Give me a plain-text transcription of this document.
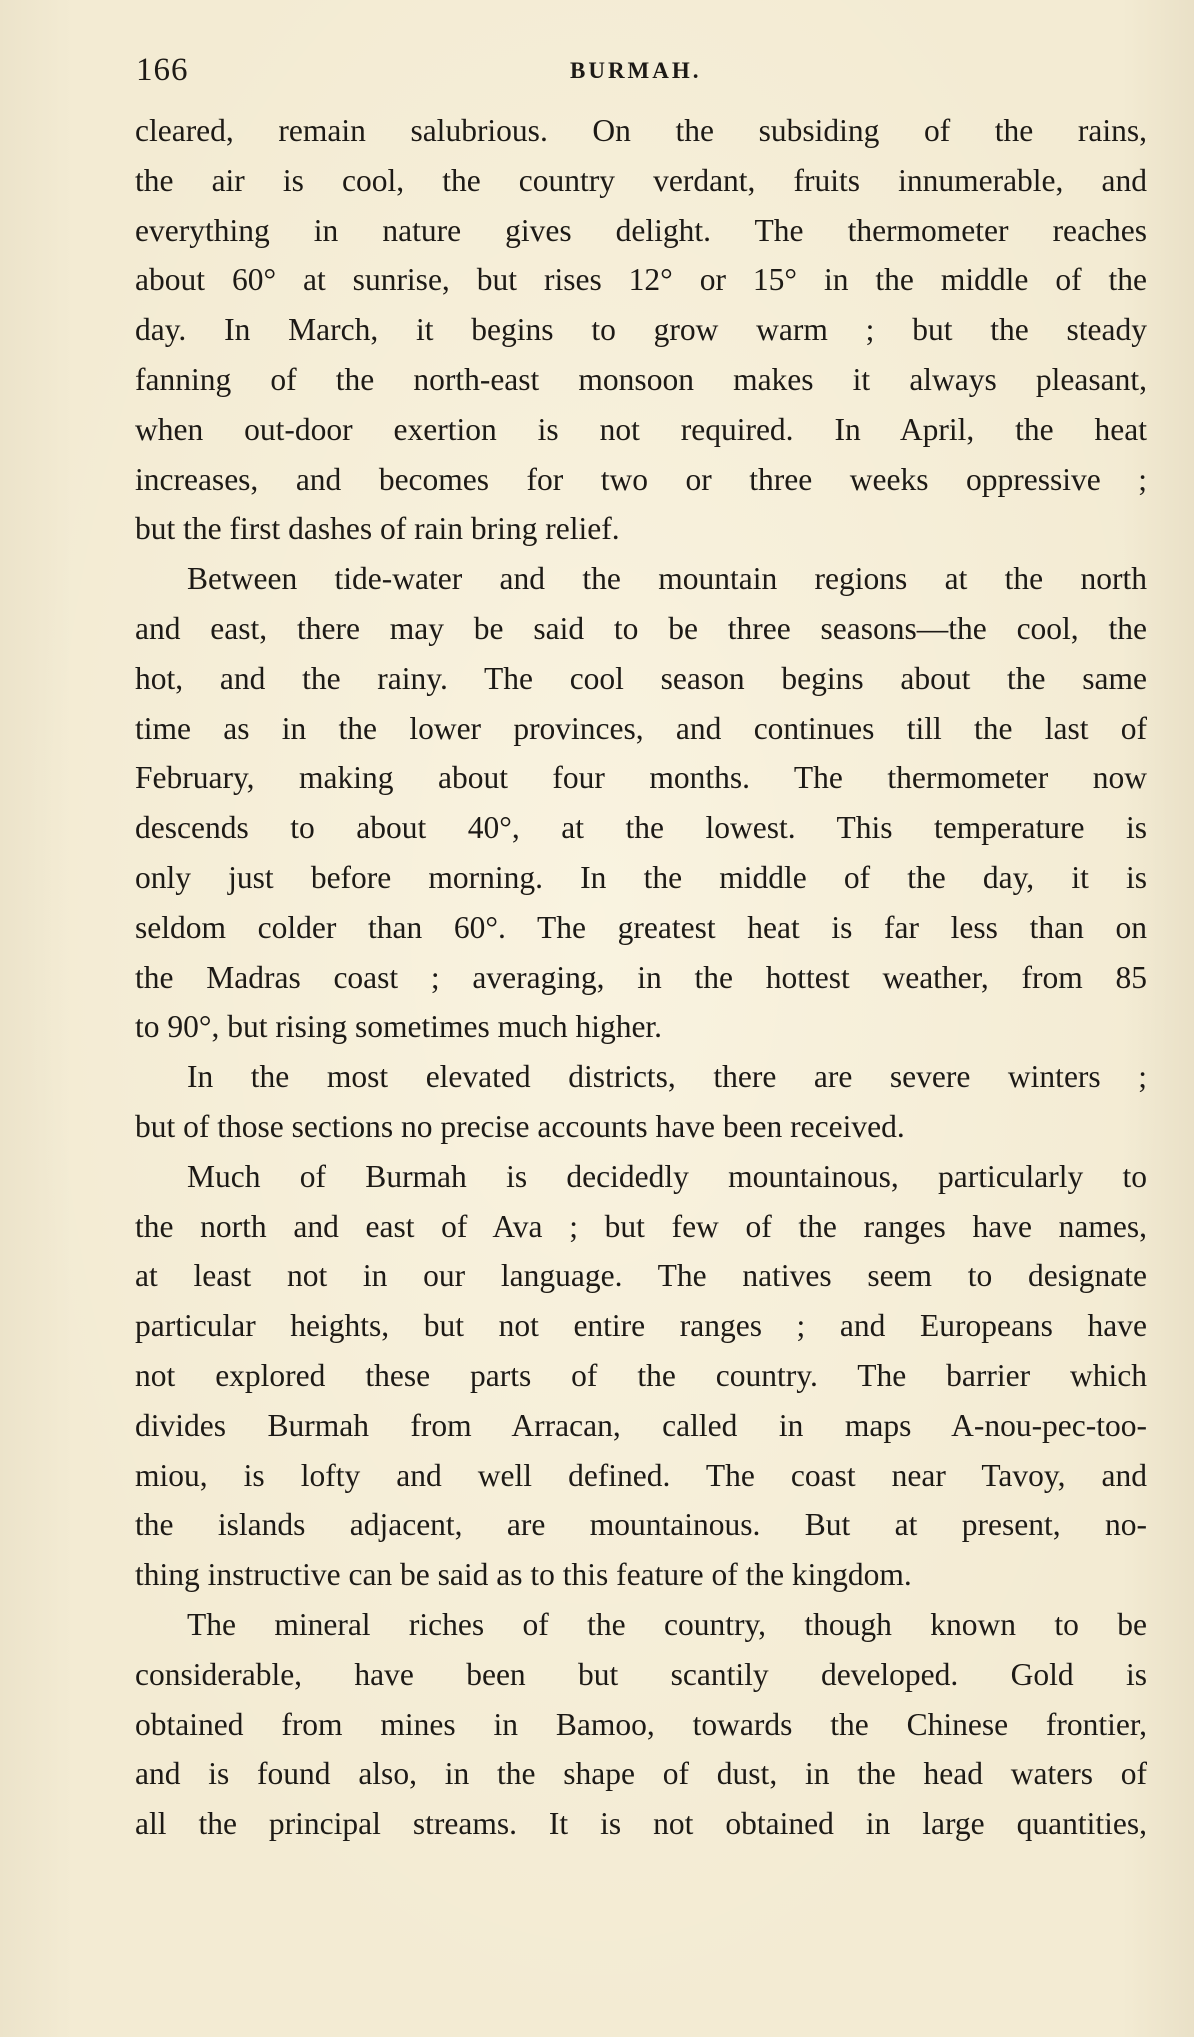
166	BURMAH.
cleared, remain salubrious. On the subsiding of the rains,
the air is cool, the country verdant, fruits innumerable, and
everything in nature gives delight. The thermometer reaches
about 60° at sunrise, but rises 12° or 15° in the middle of the
day. In March, it begins to grow warm ; but the steady
fanning of the north-east monsoon makes it always pleasant,
when out-door exertion is not required. In April, the heat
increases, and becomes for two or three weeks oppressive ;
but the first dashes of rain bring relief.
Between tide-water and the mountain regions at the north
and east, there may be said to be three seasons—the cool, the
hot, and the rainy. The cool season begins about the same
time as in the lower provinces, and continues till the last of
February, making about four months. The thermometer now
descends to about 40°, at the lowest. This temperature is
only just before morning. In the middle of the day, it is
seldom colder than 60°. The greatest heat is far less than on
the Madras coast ; averaging, in the hottest weather, from 85
to 90°, but rising sometimes much higher.
In the most elevated districts, there are severe winters ;
but of those sections no precise accounts have been received.
Much of Burmah is decidedly mountainous, particularly to
the north and east of Ava ; but few of the ranges have names,
at least not in our language. The natives seem to designate
particular heights, but not entire ranges ; and Europeans have
not explored these parts of the country. The barrier which
divides Burmah from Arracan, called in maps A-nou-pec-too-
miou, is lofty and well defined. The coast near Tavoy, and
the islands adjacent, are mountainous. But at present, no-
thing instructive can be said as to this feature of the kingdom.
The mineral riches of the country, though known to be
considerable, have been but scantily developed. Gold is
obtained from mines in Bamoo, towards the Chinese frontier,
and is found also, in the shape of dust, in the head waters of
all the principal streams. It is not obtained in large quantities,
